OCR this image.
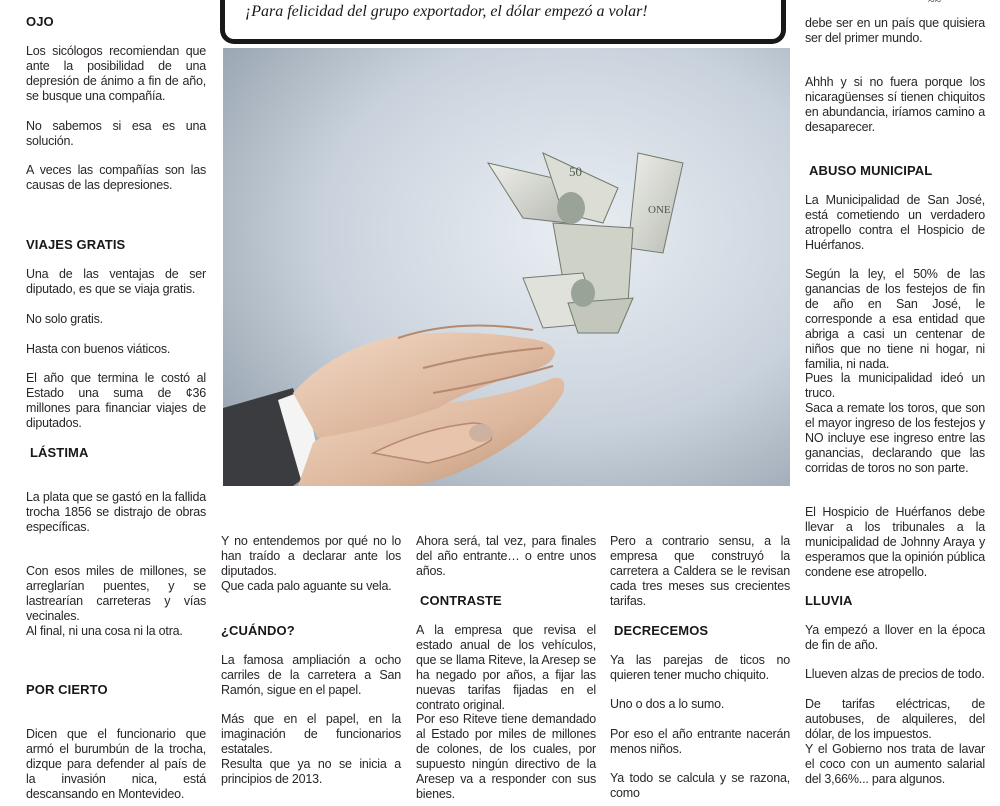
~~
¡Para felicidad del grupo exportador, el dólar empezó a volar!
50
ONE
OJO
Los sicólogos recomiendan que ante la posibilidad de una depresión de ánimo a fin de año, se busque una compañía.
No sabemos si esa es una solución.
A veces las compañías son las causas de las depresiones.
VIAJES GRATIS
Una de las ventajas de ser diputado, es que se viaja gratis.
No solo gratis.
Hasta con buenos viáticos.
El año que termina le costó al Estado una suma de ¢36 millones para financiar viajes de diputados.
LÁSTIMA
La plata que se gastó en la fallida trocha 1856 se distrajo de obras específicas.
Con esos miles de millones, se arreglarían puentes, y se lastrearían carreteras y vías vecinales.
Al final, ni una cosa ni la otra.
POR CIERTO
Dicen que el funcionario que armó el burumbún de la trocha, dizque para defender al país de la invasión nica, está descansando en Montevideo.
Y no entendemos por qué no lo han traído a declarar ante los diputados.
Que cada palo aguante su vela.
¿CUÁNDO?
La famosa ampliación a ocho carriles de la carretera a San Ramón, sigue en el papel.
Más que en el papel, en la imaginación de funcionarios estatales.
Resulta que ya no se inicia a principios de 2013.
Ahora será, tal vez, para finales del año entrante… o entre unos años.
CONTRASTE
A la empresa que revisa el estado anual de los vehículos, que se llama Riteve, la Aresep se ha negado por años, a fijar las nuevas tarifas fijadas en el contrato original.
Por eso Riteve tiene demandado al Estado por miles de millones de colones, de los cuales, por supuesto ningún directivo de la Aresep va a responder con sus bienes.
Pero a contrario sensu, a la empresa que construyó la carretera a Caldera se le revisan cada tres meses sus crecientes tarifas.
DECRECEMOS
Ya las parejas de ticos no quieren tener mucho chiquito.
Uno o dos a lo sumo.
Por eso el año entrante nacerán menos niños.
Ya todo se calcula y se razona, como
debe ser en un país que quisiera ser del primer mundo.
Ahhh y si no fuera porque los nicaragüenses sí tienen chiquitos en abundancia, iríamos camino a desaparecer.
ABUSO MUNICIPAL
La Municipalidad de San José, está cometiendo un verdadero atropello contra el Hospicio de Huérfanos.
Según la ley, el 50% de las ganancias de los festejos de fin de año en San José, le corresponde a esa entidad que abriga a casi un centenar de niños que no tiene ni hogar, ni familia, ni nada.
Pues la municipalidad ideó un truco.
Saca a remate los toros, que son el mayor ingreso de los festejos y NO incluye ese ingreso entre las ganancias, declarando que las corridas de toros no son parte.
El Hospicio de Huérfanos debe llevar a los tribunales a la municipalidad de Johnny Araya y esperamos que la opinión pública condene ese atropello.
LLUVIA
Ya empezó a llover en la época de fin de año.
Llueven alzas de precios de todo.
De tarifas eléctricas, de autobuses, de alquileres, del dólar, de los impuestos.
Y el Gobierno nos trata de lavar el coco con un aumento salarial del 3,66%... para algunos.
